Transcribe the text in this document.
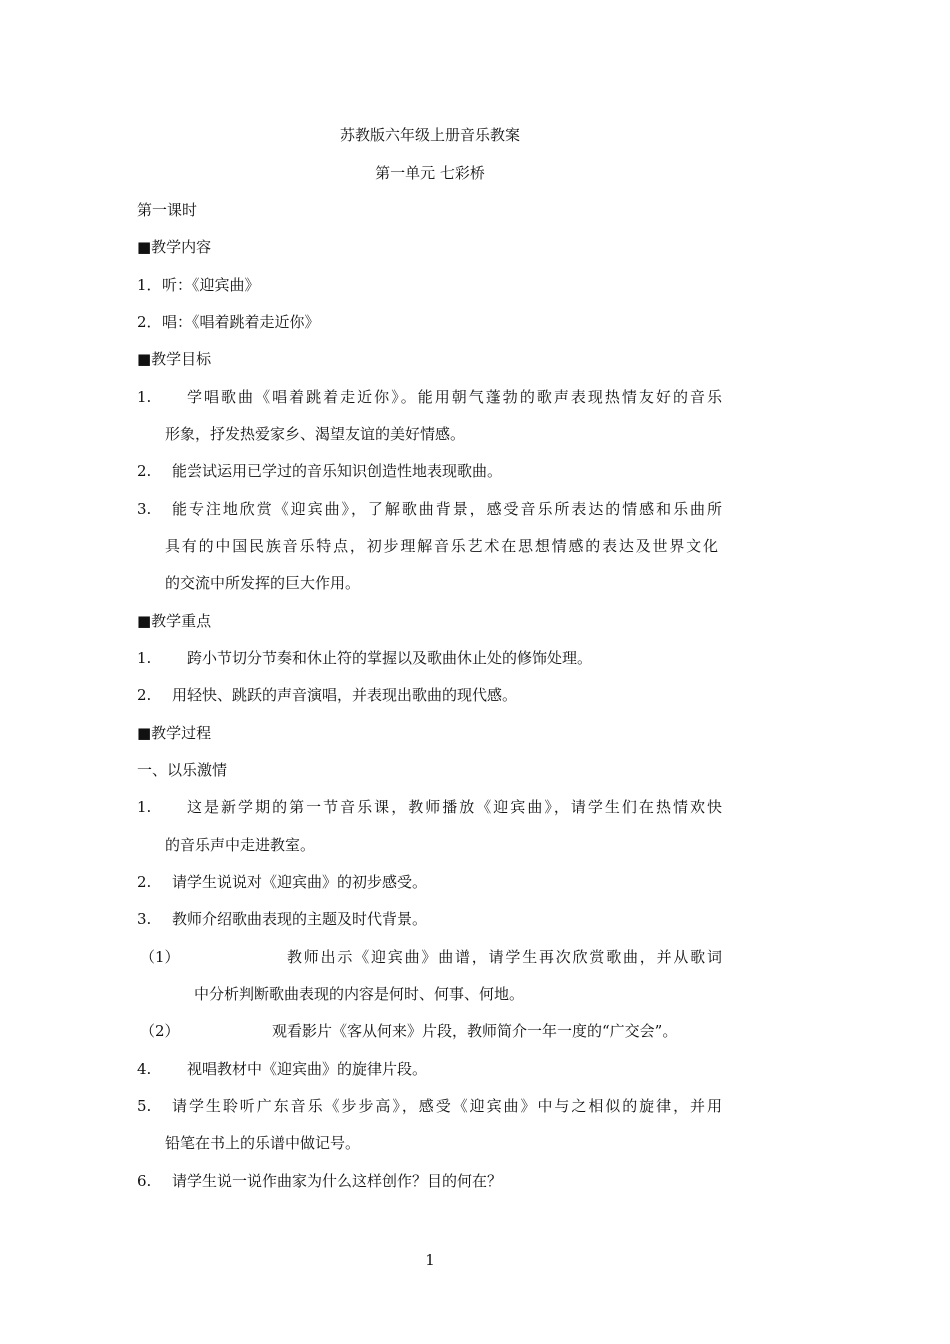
苏教版六年级上册音乐教案
第一单元 七彩桥
第一课时
■教学内容
1． 听：《迎宾曲》
2． 唱：《唱着跳着走近你》
■教学目标
1. 学唱歌曲《唱着跳着走近你》。能用朝气蓬勃的歌声表现热情友好的音乐
形象，抒发热爱家乡、渴望友谊的美好情感。
2. 能尝试运用已学过的音乐知识创造性地表现歌曲。
3. 能专注地欣赏《迎宾曲》，了解歌曲背景，感受音乐所表达的情感和乐曲所
具有的中国民族音乐特点，初步理解音乐艺术在思想情感的表达及世界文化
的交流中所发挥的巨大作用。
■教学重点
1. 跨小节切分节奏和休止符的掌握以及歌曲休止处的修饰处理。
2. 用轻快、跳跃的声音演唱，并表现出歌曲的现代感。
■教学过程
一、以乐激情
1. 这是新学期的第一节音乐课，教师播放《迎宾曲》，请学生们在热情欢快
的音乐声中走进教室。
2. 请学生说说对《迎宾曲》的初步感受。
3. 教师介绍歌曲表现的主题及时代背景。
（1）	教师出示《迎宾曲》曲谱，请学生再次欣赏歌曲，并从歌词
中分析判断歌曲表现的内容是何时、何事、何地。
（2）	观看影片《客从何来》片段，教师简介一年一度的“广交会”。
4. 视唱教材中《迎宾曲》的旋律片段。
5. 请学生聆听广东音乐《步步高》，感受《迎宾曲》中与之相似的旋律，并用
铅笔在书上的乐谱中做记号。
6. 请学生说一说作曲家为什么这样创作？目的何在？
1
